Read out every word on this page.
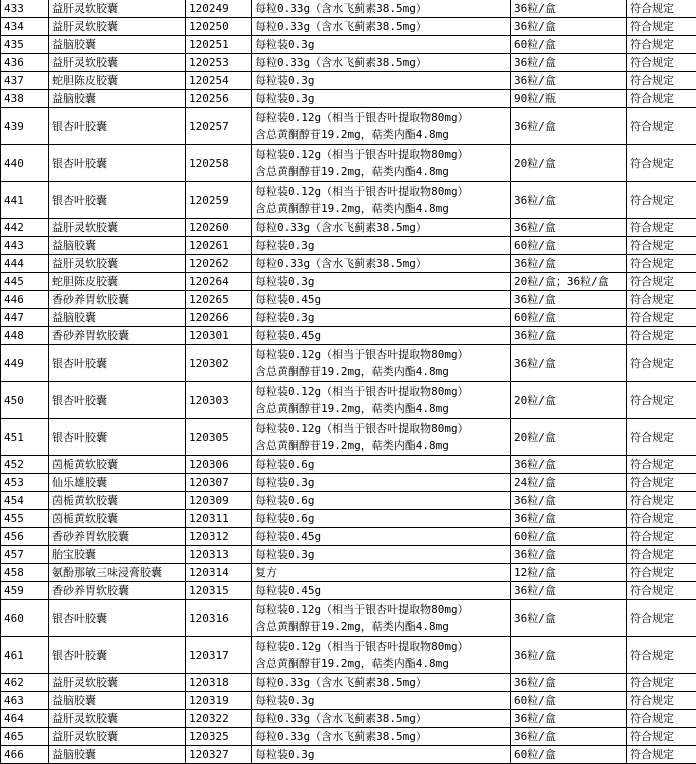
433	益肝灵软胶囊	120249	每粒0.33g（含水飞蓟素38.5mg）	36粒/盒	符合规定
434	益肝灵软胶囊	120250	每粒0.33g（含水飞蓟素38.5mg）	36粒/盒	符合规定
435	益脑胶囊	120251	每粒装0.3g	60粒/盒	符合规定
436	益肝灵软胶囊	120253	每粒0.33g（含水飞蓟素38.5mg）	36粒/盒	符合规定
437	蛇胆陈皮胶囊	120254	每粒装0.3g	36粒/盒	符合规定
438	益脑胶囊	120256	每粒装0.3g	90粒/瓶	符合规定
439	银杏叶胶囊	120257	每粒装0.12g（相当于银杏叶提取物80mg）
含总黄酮醇苷19.2mg，萜类内酯4.8mg	36粒/盒	符合规定
440	银杏叶胶囊	120258	每粒装0.12g（相当于银杏叶提取物80mg）
含总黄酮醇苷19.2mg，萜类内酯4.8mg	20粒/盒	符合规定
441	银杏叶胶囊	120259	每粒装0.12g（相当于银杏叶提取物80mg）
含总黄酮醇苷19.2mg，萜类内酯4.8mg	36粒/盒	符合规定
442	益肝灵软胶囊	120260	每粒0.33g（含水飞蓟素38.5mg）	36粒/盒	符合规定
443	益脑胶囊	120261	每粒装0.3g	60粒/盒	符合规定
444	益肝灵软胶囊	120262	每粒0.33g（含水飞蓟素38.5mg）	36粒/盒	符合规定
445	蛇胆陈皮胶囊	120264	每粒装0.3g	20粒/盒；36粒/盒	符合规定
446	香砂养胃软胶囊	120265	每粒装0.45g	36粒/盒	符合规定
447	益脑胶囊	120266	每粒装0.3g	60粒/盒	符合规定
448	香砂养胃软胶囊	120301	每粒装0.45g	36粒/盒	符合规定
449	银杏叶胶囊	120302	每粒装0.12g（相当于银杏叶提取物80mg）
含总黄酮醇苷19.2mg，萜类内酯4.8mg	36粒/盒	符合规定
450	银杏叶胶囊	120303	每粒装0.12g（相当于银杏叶提取物80mg）
含总黄酮醇苷19.2mg，萜类内酯4.8mg	20粒/盒	符合规定
451	银杏叶胶囊	120305	每粒装0.12g（相当于银杏叶提取物80mg）
含总黄酮醇苷19.2mg，萜类内酯4.8mg	20粒/盒	符合规定
452	茵栀黄软胶囊	120306	每粒装0.6g	36粒/盒	符合规定
453	仙乐雄胶囊	120307	每粒装0.3g	24粒/盒	符合规定
454	茵栀黄软胶囊	120309	每粒装0.6g	36粒/盒	符合规定
455	茵栀黄软胶囊	120311	每粒装0.6g	36粒/盒	符合规定
456	香砂养胃软胶囊	120312	每粒装0.45g	60粒/盒	符合规定
457	胎宝胶囊	120313	每粒装0.3g	36粒/盒	符合规定
458	氨酚那敏三味浸膏胶囊	120314	复方	12粒/盒	符合规定
459	香砂养胃软胶囊	120315	每粒装0.45g	36粒/盒	符合规定
460	银杏叶胶囊	120316	每粒装0.12g（相当于银杏叶提取物80mg）
含总黄酮醇苷19.2mg，萜类内酯4.8mg	36粒/盒	符合规定
461	银杏叶胶囊	120317	每粒装0.12g（相当于银杏叶提取物80mg）
含总黄酮醇苷19.2mg，萜类内酯4.8mg	36粒/盒	符合规定
462	益肝灵软胶囊	120318	每粒0.33g（含水飞蓟素38.5mg）	36粒/盒	符合规定
463	益脑胶囊	120319	每粒装0.3g	60粒/盒	符合规定
464	益肝灵软胶囊	120322	每粒0.33g（含水飞蓟素38.5mg）	36粒/盒	符合规定
465	益肝灵软胶囊	120325	每粒0.33g（含水飞蓟素38.5mg）	36粒/盒	符合规定
466	益脑胶囊	120327	每粒装0.3g	60粒/盒	符合规定
